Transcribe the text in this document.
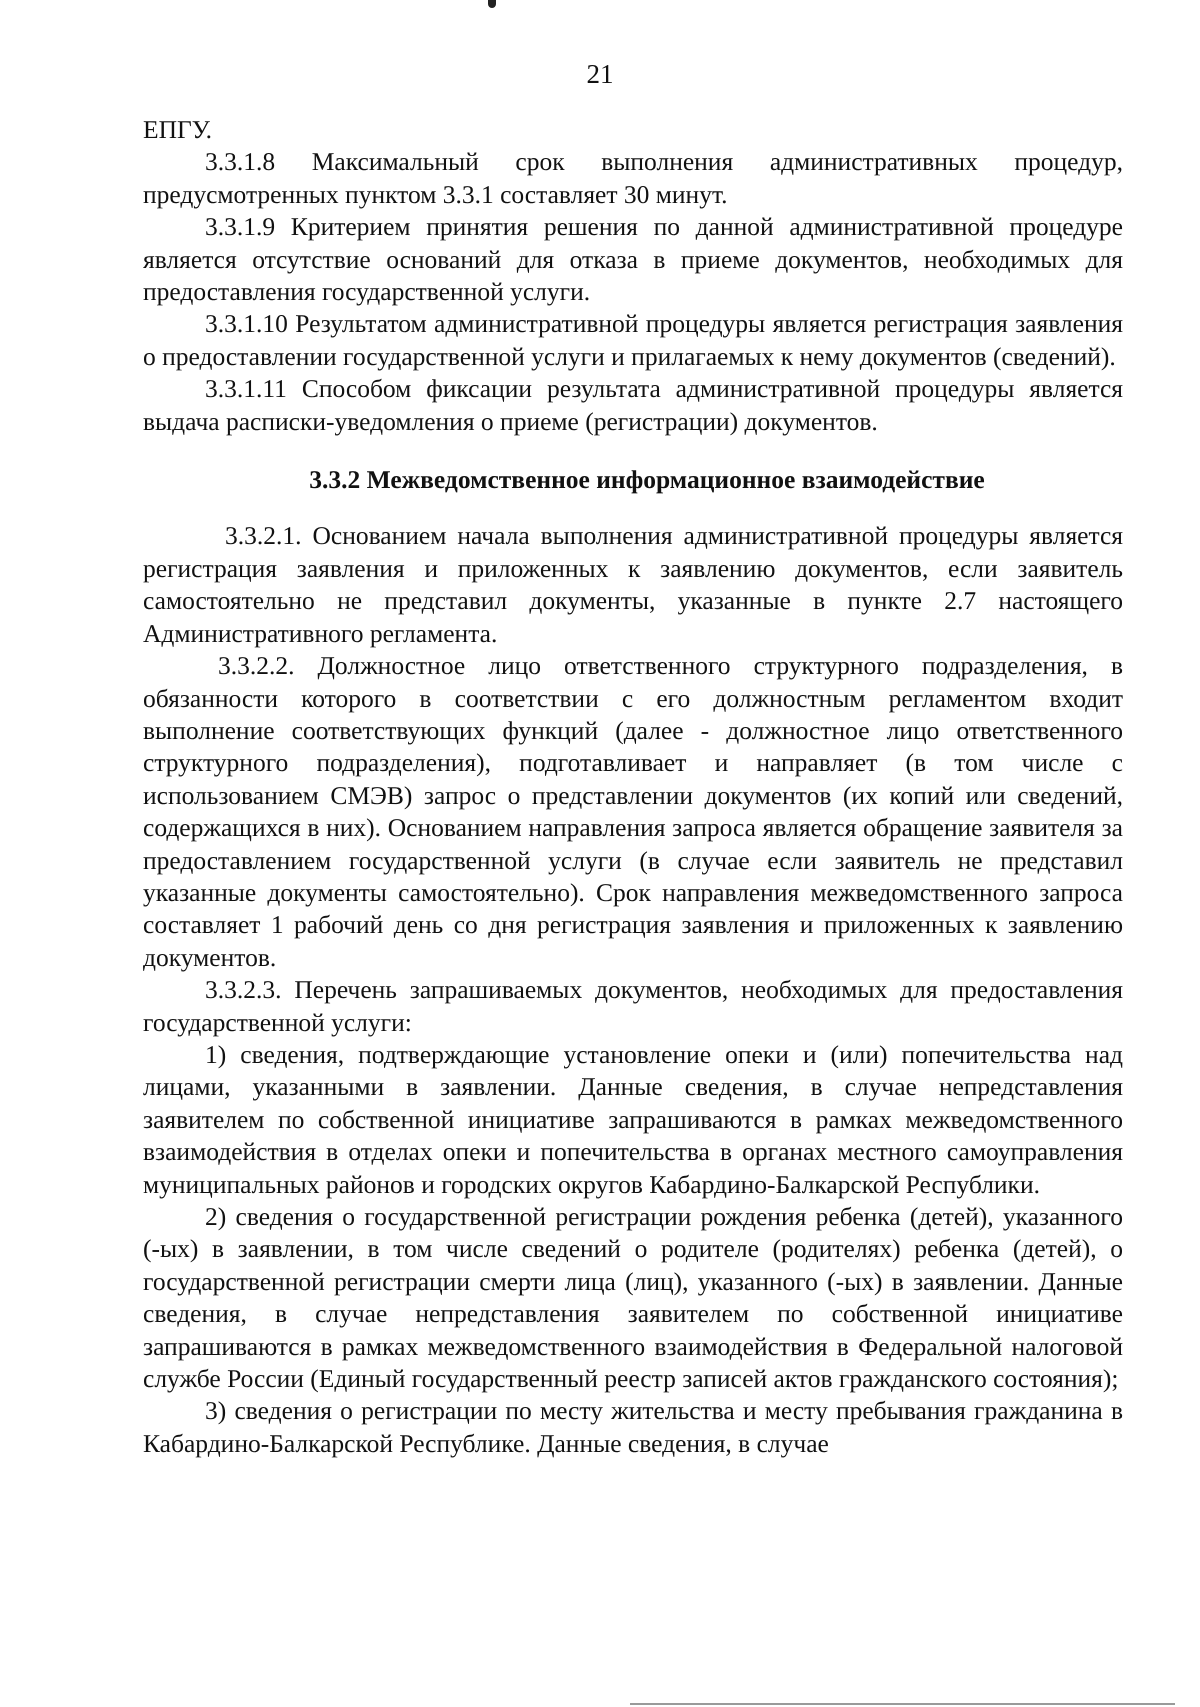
21

ЕПГУ.

3.3.1.8 Максимальный срок выполнения административных процедур, предусмотренных пунктом 3.3.1 составляет 30 минут.

3.3.1.9 Критерием принятия решения по данной административной процедуре является отсутствие оснований для отказа в приеме документов, необходимых для предоставления государственной услуги.

3.3.1.10 Результатом административной процедуры является регистрация заявления о предоставлении государственной услуги и прилагаемых к нему документов (сведений).

3.3.1.11 Способом фиксации результата административной процедуры является выдача расписки-уведомления о приеме (регистрации) документов.

3.3.2 Межведомственное информационное взаимодействие

3.3.2.1. Основанием начала выполнения административной процедуры является регистрация заявления и приложенных к заявлению документов, если заявитель самостоятельно не представил документы, указанные в пункте 2.7 настоящего Административного регламента.

3.3.2.2. Должностное лицо ответственного структурного подразделения, в обязанности которого в соответствии с его должностным регламентом входит выполнение соответствующих функций (далее - должностное лицо ответственного структурного подразделения), подготавливает и направляет (в том числе с использованием СМЭВ) запрос о представлении документов (их копий или сведений, содержащихся в них). Основанием направления запроса является обращение заявителя за предоставлением государственной услуги (в случае если заявитель не представил указанные документы самостоятельно). Срок направления межведомственного запроса составляет 1 рабочий день со дня регистрация заявления и приложенных к заявлению документов.

3.3.2.3. Перечень запрашиваемых документов, необходимых для предоставления государственной услуги:

1) сведения, подтверждающие установление опеки и (или) попечительства над лицами, указанными в заявлении. Данные сведения, в случае непредставления заявителем по собственной инициативе запрашиваются в рамках межведомственного взаимодействия в отделах опеки и попечительства в органах местного самоуправления муниципальных районов и городских округов Кабардино-Балкарской Республики.

2) сведения о государственной регистрации рождения ребенка (детей), указанного (-ых) в заявлении, в том числе сведений о родителе (родителях) ребенка (детей), о государственной регистрации смерти лица (лиц), указанного (-ых) в заявлении. Данные сведения, в случае непредставления заявителем по собственной инициативе запрашиваются в рамках межведомственного взаимодействия в Федеральной налоговой службе России (Единый государственный реестр записей актов гражданского состояния);

3) сведения о регистрации по месту жительства и месту пребывания гражданина в Кабардино-Балкарской Республике. Данные сведения, в случае
